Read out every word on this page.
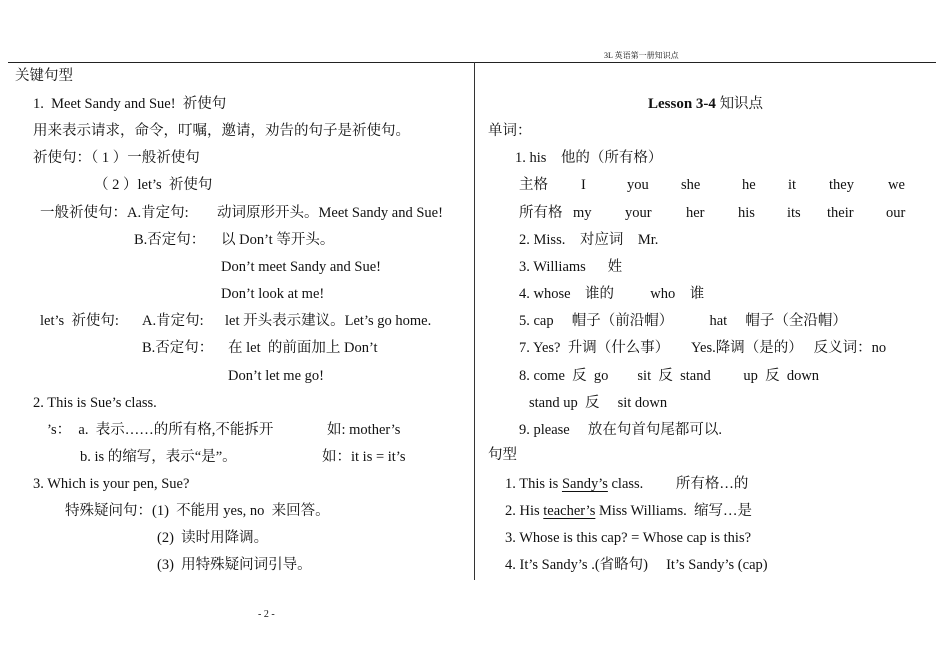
3L 英语第一册知识点
关键句型
1.  Meet Sandy and Sue!  祈使句
用来表示请求，命令，叮嘱，邀请，劝告的句子是祈使句。
祈使句：（ 1 ）一般祈使句
（ 2 ）let’s  祈使句
一般祈使句：A.肯定句: 动词原形开头。Meet Sandy and Sue!
B.否定句： 以 Don’t 等开头。
Don’t meet Sandy and Sue!
Don’t look at me!
let’s  祈使句: A.肯定句: let 开头表示建议。Let’s go home.
B.否定句： 在 let  的前面加上 Don’t
Don’t let me go!
2. This is Sue’s class.
’s：  a.  表示……的所有格,不能拆开	如: mother’s
b. is 的缩写，表示“是”。	如：it is = it’s
3. Which is your pen, Sue?
特殊疑问句：(1)  不能用 yes, no  来回答。
(2)  读时用降调。
(3)  用特殊疑问词引导。
Lesson 3-4 知识点
单词：
1. his    他的（所有格）
主格 I	you she	he it they we
所有格 my your her his its their our
2. Miss.    对应词    Mr.
3. Williams      姓
4. whose    谁的          who    谁
5. cap     帽子（前沿帽）          hat     帽子（全沿帽）
7. Yes?  升调（什么事）      Yes.降调（是的）   反义词：no
8. come  反  go        sit  反  stand         up  反  down
stand up  反     sit down
9. please     放在句首句尾都可以.
句型
1. This is Sandy’s class.         所有格…的
2. His teacher’s Miss Williams.  缩写…是
3. Whose is this cap? = Whose cap is this?
4. It’s Sandy’s .(省略句)     It’s Sandy’s (cap)
- 2 -
